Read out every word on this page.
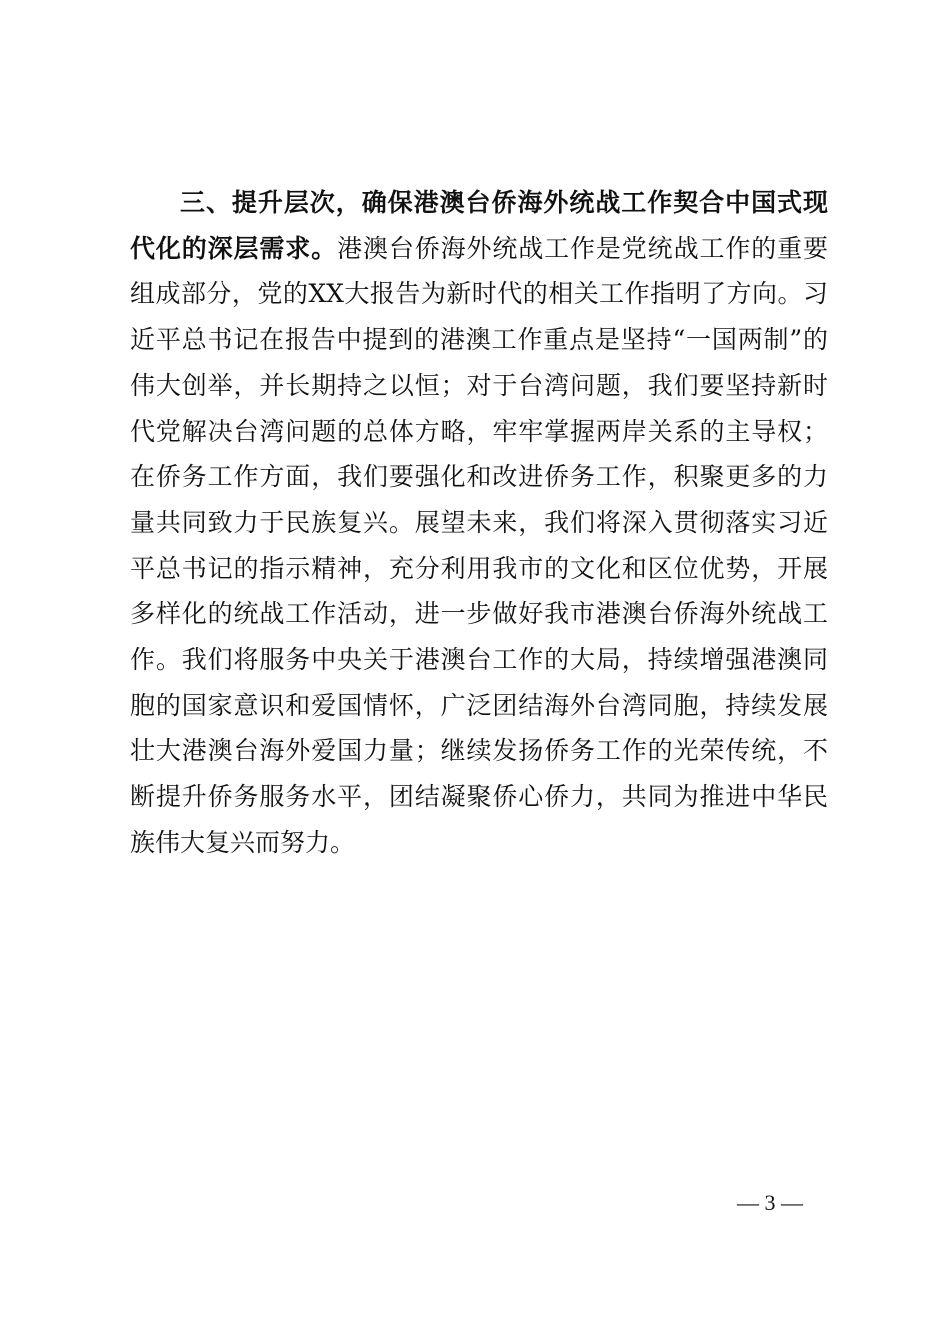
三、提升层次，确保港澳台侨海外统战工作契合中国式现代化的深层需求。港澳台侨海外统战工作是党统战工作的重要组成部分，党的XX大报告为新时代的相关工作指明了方向。习近平总书记在报告中提到的港澳工作重点是坚持“一国两制”的伟大创举，并长期持之以恒；对于台湾问题，我们要坚持新时代党解决台湾问题的总体方略，牢牢掌握两岸关系的主导权；在侨务工作方面，我们要强化和改进侨务工作，积聚更多的力量共同致力于民族复兴。展望未来，我们将深入贯彻落实习近平总书记的指示精神，充分利用我市的文化和区位优势，开展多样化的统战工作活动，进一步做好我市港澳台侨海外统战工作。我们将服务中央关于港澳台工作的大局，持续增强港澳同胞的国家意识和爱国情怀，广泛团结海外台湾同胞，持续发展壮大港澳台海外爱国力量；继续发扬侨务工作的光荣传统，不断提升侨务服务水平，团结凝聚侨心侨力，共同为推进中华民族伟大复兴而努力。

— 3 —
